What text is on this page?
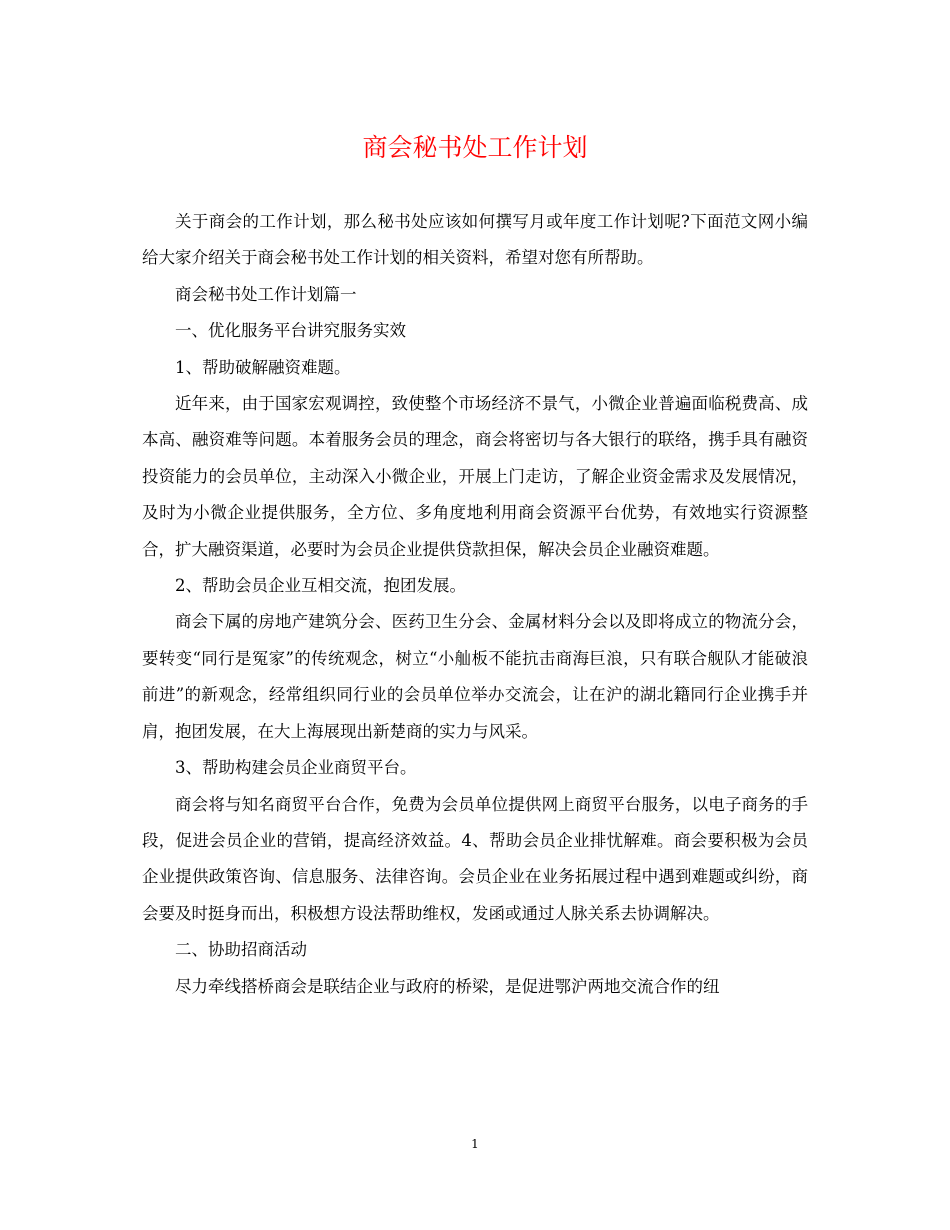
商会秘书处工作计划

关于商会的工作计划，那么秘书处应该如何撰写月或年度工作计划呢?下面范文网小编给大家介绍关于商会秘书处工作计划的相关资料，希望对您有所帮助。

商会秘书处工作计划篇一

一、优化服务平台讲究服务实效

1、帮助破解融资难题。

近年来，由于国家宏观调控，致使整个市场经济不景气，小微企业普遍面临税费高、成本高、融资难等问题。本着服务会员的理念，商会将密切与各大银行的联络，携手具有融资投资能力的会员单位，主动深入小微企业，开展上门走访，了解企业资金需求及发展情况，及时为小微企业提供服务，全方位、多角度地利用商会资源平台优势，有效地实行资源整合，扩大融资渠道，必要时为会员企业提供贷款担保，解决会员企业融资难题。

2、帮助会员企业互相交流，抱团发展。

商会下属的房地产建筑分会、医药卫生分会、金属材料分会以及即将成立的物流分会，要转变“同行是冤家”的传统观念，树立“小舢板不能抗击商海巨浪，只有联合舰队才能破浪前进”的新观念，经常组织同行业的会员单位举办交流会，让在沪的湖北籍同行企业携手并肩，抱团发展，在大上海展现出新楚商的实力与风采。

3、帮助构建会员企业商贸平台。

商会将与知名商贸平台合作，免费为会员单位提供网上商贸平台服务，以电子商务的手段，促进会员企业的营销，提高经济效益。4、帮助会员企业排忧解难。商会要积极为会员企业提供政策咨询、信息服务、法律咨询。会员企业在业务拓展过程中遇到难题或纠纷，商会要及时挺身而出，积极想方设法帮助维权，发函或通过人脉关系去协调解决。

二、协助招商活动

尽力牵线搭桥商会是联结企业与政府的桥梁，是促进鄂沪两地交流合作的纽

1
